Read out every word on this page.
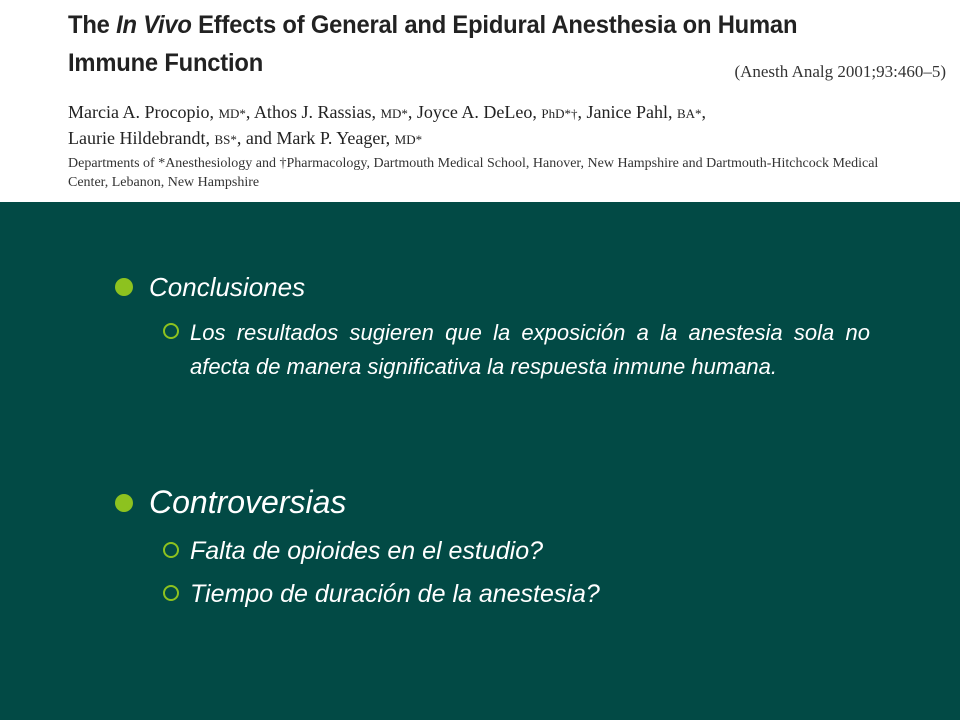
The In Vivo Effects of General and Epidural Anesthesia on Human Immune Function	(Anesth Analg 2001;93:460–5)
Marcia A. Procopio, MD*, Athos J. Rassias, MD*, Joyce A. DeLeo, PhD*†, Janice Pahl, BA*,
Laurie Hildebrandt, BS*, and Mark P. Yeager, MD*
Departments of *Anesthesiology and †Pharmacology, Dartmouth Medical School, Hanover, New Hampshire and Dartmouth-Hitchcock Medical Center, Lebanon, New Hampshire
Conclusiones
Los resultados sugieren que la exposición a la anestesia sola no afecta de manera significativa la respuesta inmune humana.
Controversias
Falta de opioides en el estudio?
Tiempo de duración de la anestesia?
